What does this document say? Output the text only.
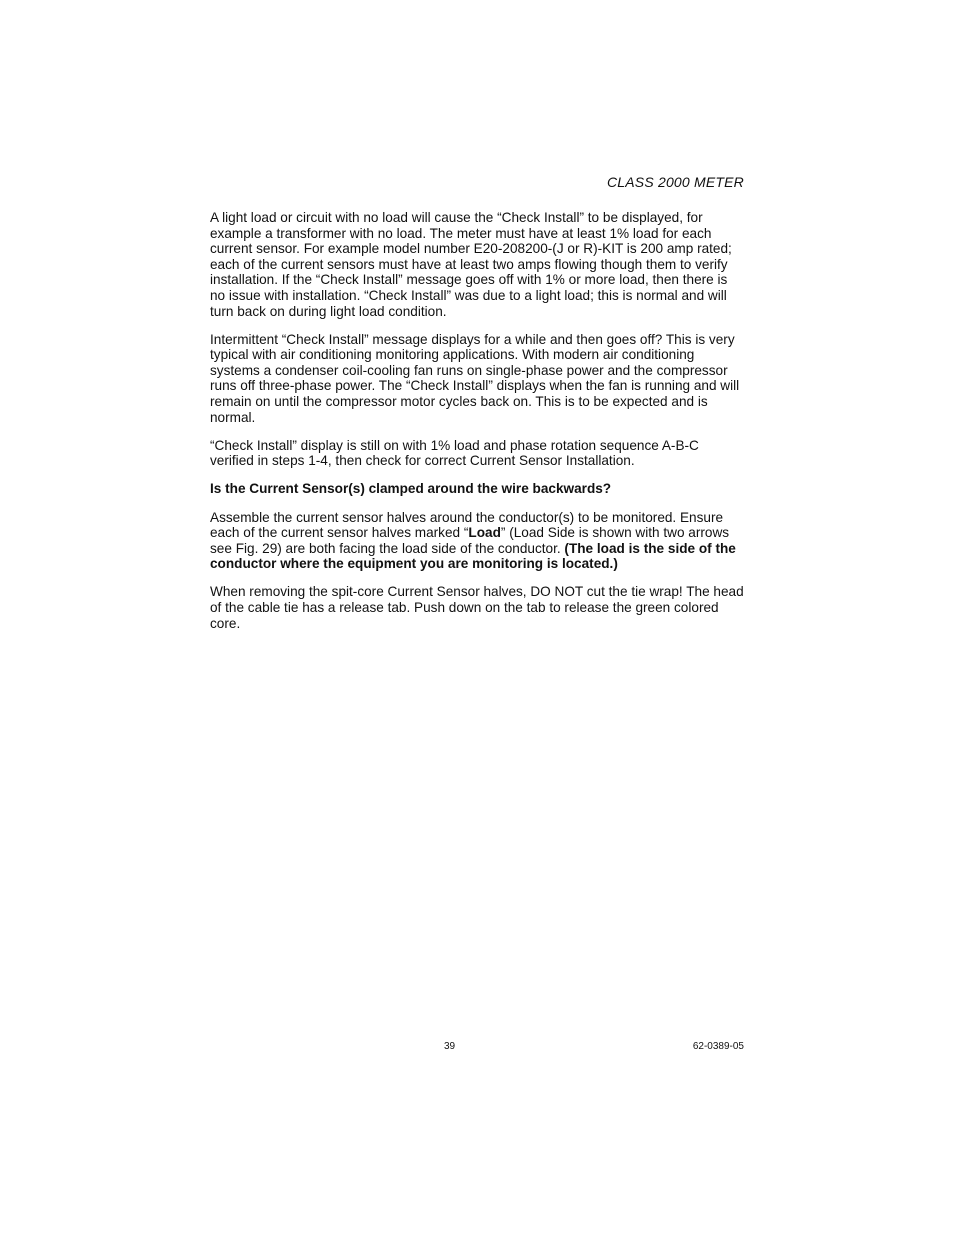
CLASS 2000 METER

A light load or circuit with no load will cause the “Check Install” to be displayed, for example a transformer with no load. The meter must have at least 1% load for each current sensor. For example model number E20-208200-(J or R)-KIT is 200 amp rated; each of the current sensors must have at least two amps flowing though them to verify installation. If the “Check Install” message goes off with 1% or more load, then there is no issue with installation. “Check Install” was due to a light load; this is normal and will turn back on during light load condition.

Intermittent “Check Install” message displays for a while and then goes off? This is very typical with air conditioning monitoring applications. With modern air conditioning systems a condenser coil-cooling fan runs on single-phase power and the compressor runs off three-phase power. The “Check Install” displays when the fan is running and will remain on until the compressor motor cycles back on. This is to be expected and is normal.

“Check Install” display is still on with 1% load and phase rotation sequence A-B-C verified in steps 1-4, then check for correct Current Sensor Installation.

Is the Current Sensor(s) clamped around the wire backwards?

Assemble the current sensor halves around the conductor(s) to be monitored. Ensure each of the current sensor halves marked “Load” (Load Side is shown with two arrows see Fig. 29) are both facing the load side of the conductor. (The load is the side of the conductor where the equipment you are monitoring is located.)

When removing the spit-core Current Sensor halves, DO NOT cut the tie wrap! The head of the cable tie has a release tab. Push down on the tab to release the green colored core.

39	62-0389-05
